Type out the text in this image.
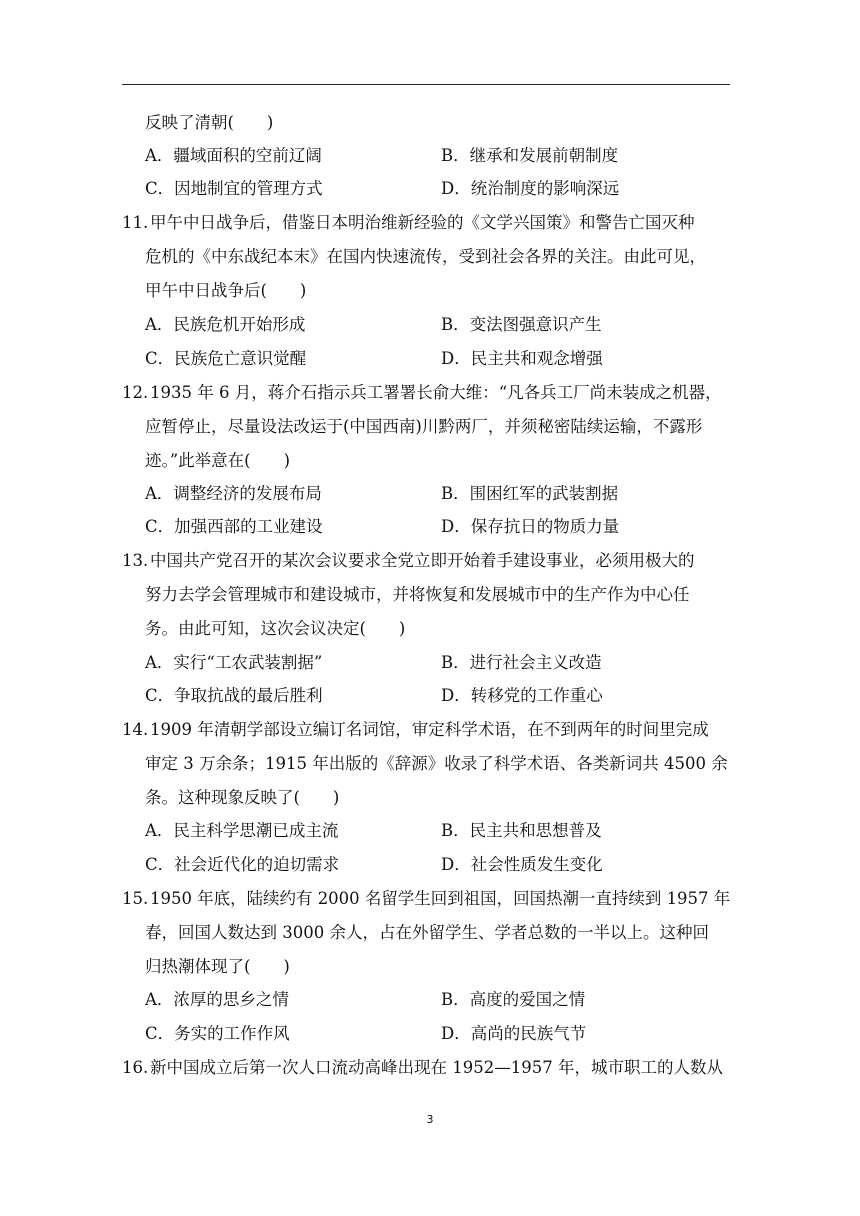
反映了清朝(　　)
A．疆域面积的空前辽阔	B．继承和发展前朝制度
C．因地制宜的管理方式	D．统治制度的影响深远
11. 甲午中日战争后，借鉴日本明治维新经验的《文学兴国策》和警告亡国灭种
危机的《中东战纪本末》在国内快速流传，受到社会各界的关注。由此可见，
甲午中日战争后(　　)
A．民族危机开始形成	B．变法图强意识产生
C．民族危亡意识觉醒	D．民主共和观念增强
12. 1935 年 6 月，蒋介石指示兵工署署长俞大维：“凡各兵工厂尚未装成之机器，
应暂停止，尽量设法改运于(中国西南)川黔两厂，并须秘密陆续运输，不露形
迹。”此举意在(　　)
A．调整经济的发展布局	B．围困红军的武装割据
C．加强西部的工业建设	D．保存抗日的物质力量
13. 中国共产党召开的某次会议要求全党立即开始着手建设事业，必须用极大的
努力去学会管理城市和建设城市，并将恢复和发展城市中的生产作为中心任
务。由此可知，这次会议决定(　　)
A．实行“工农武装割据”	B．进行社会主义改造
C．争取抗战的最后胜利	D．转移党的工作重心
14. 1909 年清朝学部设立编订名词馆，审定科学术语，在不到两年的时间里完成
审定 3 万余条；1915 年出版的《辞源》收录了科学术语、各类新词共 4500 余
条。这种现象反映了(　　)
A．民主科学思潮已成主流	B．民主共和思想普及
C．社会近代化的迫切需求	D．社会性质发生变化
15. 1950 年底，陆续约有 2000 名留学生回到祖国，回国热潮一直持续到 1957 年
春，回国人数达到 3000 余人，占在外留学生、学者总数的一半以上。这种回
归热潮体现了(　　)
A．浓厚的思乡之情	B．高度的爱国之情
C．务实的工作作风	D．高尚的民族气节
16. 新中国成立后第一次人口流动高峰出现在 1952—1957 年，城市职工的人数从
3
